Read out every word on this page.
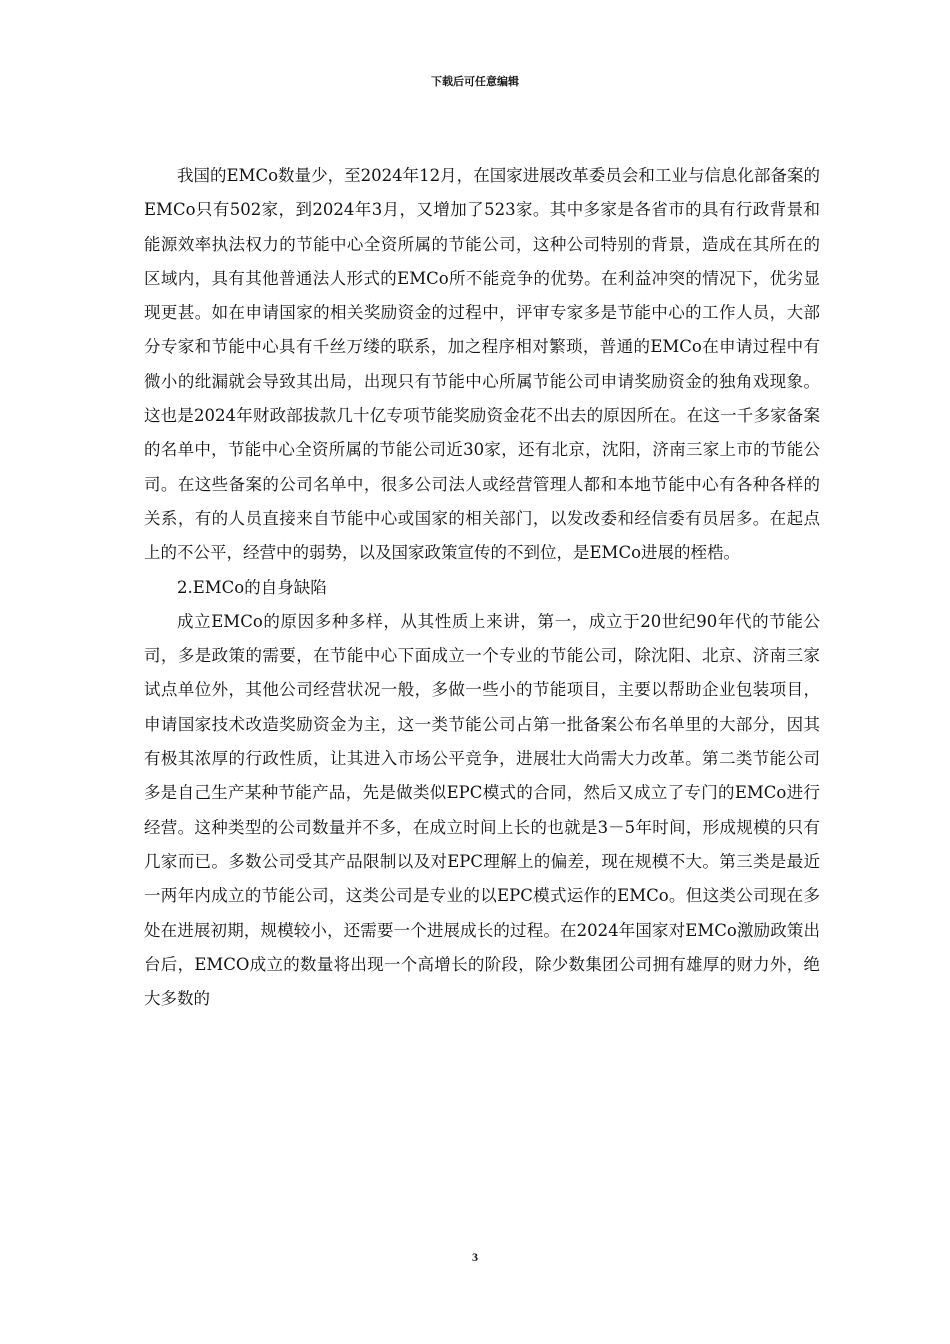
下载后可任意编辑

我国的EMCo数量少，至2024年12月，在国家进展改革委员会和工业与信息化部备案的EMCo只有502家，到2024年3月，又增加了523家。其中多家是各省市的具有行政背景和能源效率执法权力的节能中心全资所属的节能公司，这种公司特别的背景，造成在其所在的区域内，具有其他普通法人形式的EMCo所不能竞争的优势。在利益冲突的情况下，优劣显现更甚。如在申请国家的相关奖励资金的过程中，评审专家多是节能中心的工作人员，大部分专家和节能中心具有千丝万缕的联系，加之程序相对繁琐，普通的EMCo在申请过程中有微小的纰漏就会导致其出局，出现只有节能中心所属节能公司申请奖励资金的独角戏现象。这也是2024年财政部拔款几十亿专项节能奖励资金花不出去的原因所在。在这一千多家备案的名单中，节能中心全资所属的节能公司近30家，还有北京，沈阳，济南三家上市的节能公司。在这些备案的公司名单中，很多公司法人或经营管理人都和本地节能中心有各种各样的关系，有的人员直接来自节能中心或国家的相关部门，以发改委和经信委有员居多。在起点上的不公平，经营中的弱势，以及国家政策宣传的不到位，是EMCo进展的桎梏。

2.EMCo的自身缺陷

成立EMCo的原因多种多样，从其性质上来讲，第一，成立于20世纪90年代的节能公司，多是政策的需要，在节能中心下面成立一个专业的节能公司，除沈阳、北京、济南三家试点单位外，其他公司经营状况一般，多做一些小的节能项目，主要以帮助企业包装项目，申请国家技术改造奖励资金为主，这一类节能公司占第一批备案公布名单里的大部分，因其有极其浓厚的行政性质，让其进入市场公平竞争，进展壮大尚需大力改革。第二类节能公司多是自己生产某种节能产品，先是做类似EPC模式的合同，然后又成立了专门的EMCo进行经营。这种类型的公司数量并不多，在成立时间上长的也就是3－5年时间，形成规模的只有几家而已。多数公司受其产品限制以及对EPC理解上的偏差，现在规模不大。第三类是最近一两年内成立的节能公司，这类公司是专业的以EPC模式运作的EMCo。但这类公司现在多处在进展初期，规模较小，还需要一个进展成长的过程。在2024年国家对EMCo激励政策出台后，EMCO成立的数量将出现一个高增长的阶段，除少数集团公司拥有雄厚的财力外，绝大多数的

3
